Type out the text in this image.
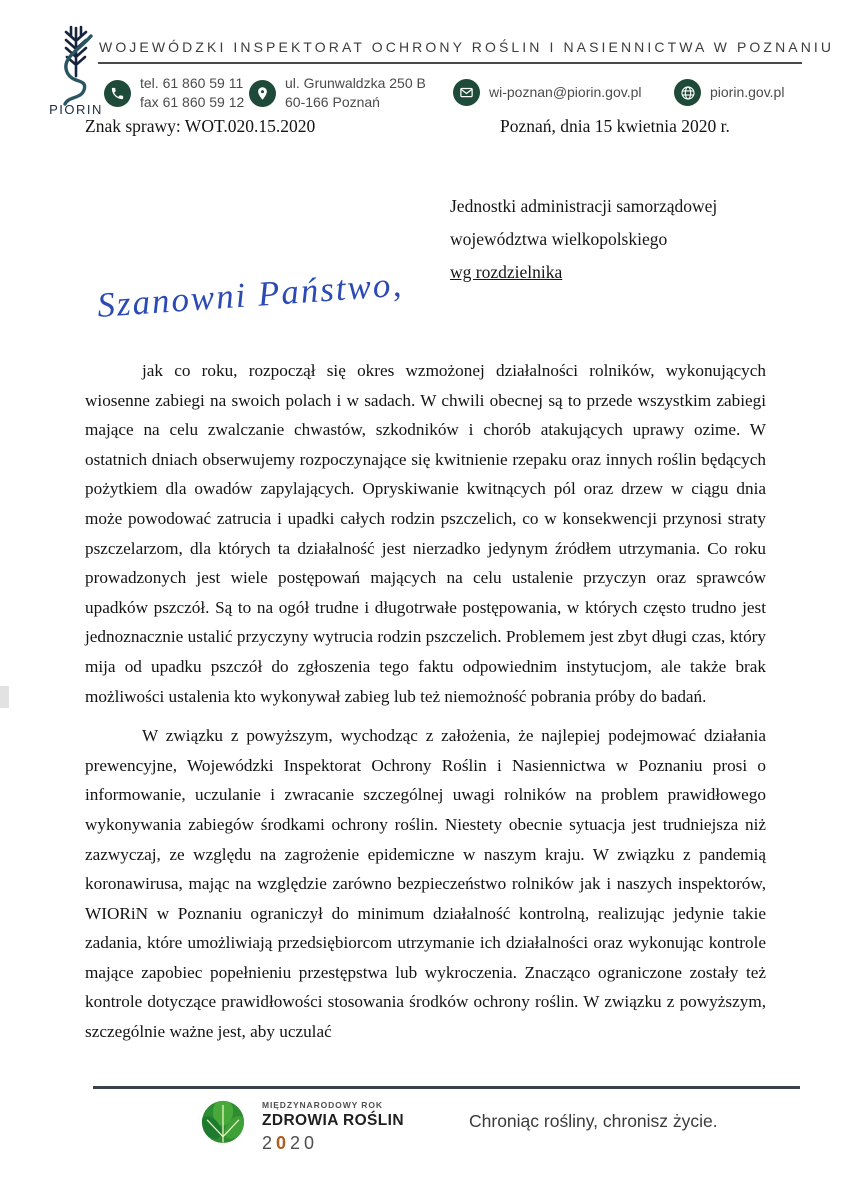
PIORIN
WOJEWÓDZKI INSPEKTORAT OCHRONY ROŚLIN I NASIENNICTWA W POZNANIU
tel. 61 860 59 11
fax 61 860 59 12
ul. Grunwaldzka 250 B
60-166 Poznań
wi-poznan@piorin.gov.pl	piorin.gov.pl
Znak sprawy: WOT.020.15.2020	Poznań, dnia 15 kwietnia 2020 r.
Jednostki administracji samorządowej
województwa wielkopolskiego
wg rozdzielnika
Szanowni Państwo,

jak co roku, rozpoczął się okres wzmożonej działalności rolników, wykonujących wiosenne zabiegi na swoich polach i w sadach. W chwili obecnej są to przede wszystkim zabiegi mające na celu zwalczanie chwastów, szkodników i chorób atakujących uprawy ozime. W ostatnich dniach obserwujemy rozpoczynające się kwitnienie rzepaku oraz innych roślin będących pożytkiem dla owadów zapylających. Opryskiwanie kwitnących pól oraz drzew w ciągu dnia może powodować zatrucia i upadki całych rodzin pszczelich, co w konsekwencji przynosi straty pszczelarzom, dla których ta działalność jest nierzadko jedynym źródłem utrzymania. Co roku prowadzonych jest wiele postępowań mających na celu ustalenie przyczyn oraz sprawców upadków pszczół. Są to na ogół trudne i długotrwałe postępowania, w których często trudno jest jednoznacznie ustalić przyczyny wytrucia rodzin pszczelich. Problemem jest zbyt długi czas, który mija od upadku pszczół do zgłoszenia tego faktu odpowiednim instytucjom, ale także brak możliwości ustalenia kto wykonywał zabieg lub też niemożność pobrania próby do badań.

W związku z powyższym, wychodząc z założenia, że najlepiej podejmować działania prewencyjne, Wojewódzki Inspektorat Ochrony Roślin i Nasiennictwa w Poznaniu prosi o informowanie, uczulanie i zwracanie szczególnej uwagi rolników na problem prawidłowego wykonywania zabiegów środkami ochrony roślin. Niestety obecnie sytuacja jest trudniejsza niż zazwyczaj, ze względu na zagrożenie epidemiczne w naszym kraju. W związku z pandemią koronawirusa, mając na względzie zarówno bezpieczeństwo rolników jak i naszych inspektorów, WIORiN w Poznaniu ograniczył do minimum działalność kontrolną, realizując jedynie takie zadania, które umożliwiają przedsiębiorcom utrzymanie ich działalności oraz wykonując kontrole mające zapobiec popełnieniu przestępstwa lub wykroczenia. Znacząco ograniczone zostały też kontrole dotyczące prawidłowości stosowania środków ochrony roślin. W związku z powyższym, szczególnie ważne jest, aby uczulać

MIĘDZYNARODOWY ROK
ZDROWIA ROŚLIN
2020
Chroniąc rośliny, chronisz życie.
